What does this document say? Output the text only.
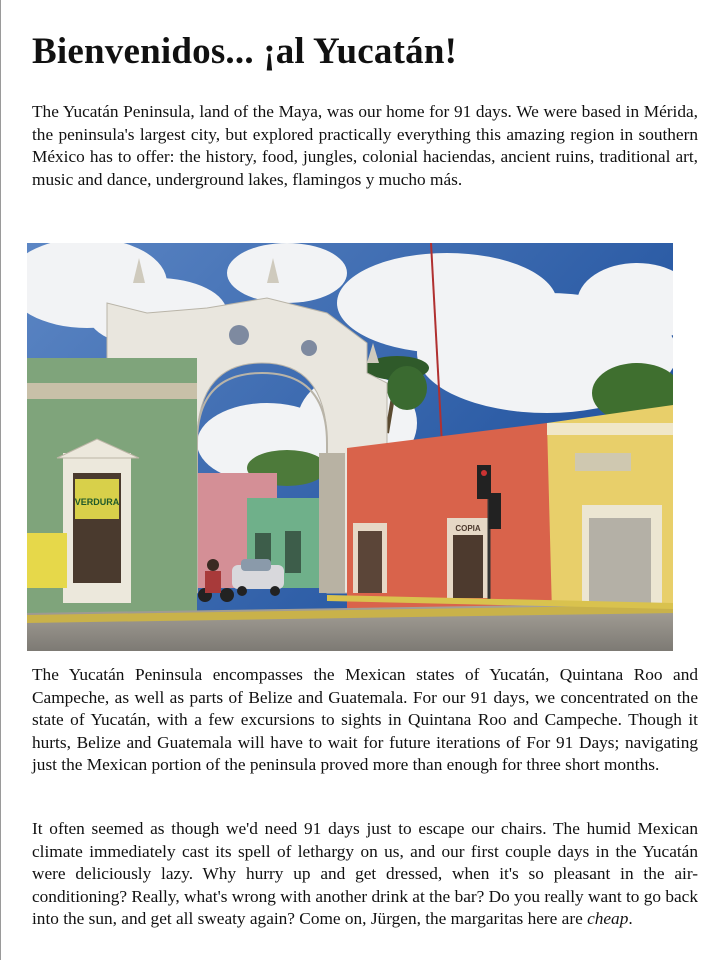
Bienvenidos... ¡al Yucatán!

The Yucatán Peninsula, land of the Maya, was our home for 91 days. We were based in Mérida, the peninsula's largest city, but explored practically everything this amazing region in southern México has to offer: the history, food, jungles, colonial haciendas, ancient ruins, traditional art, music and dance, underground lakes, flamingos y mucho más.

The Yucatán Peninsula encompasses the Mexican states of Yucatán, Quintana Roo and Campeche, as well as parts of Belize and Guatemala. For our 91 days, we concentrated on the state of Yucatán, with a few excursions to sights in Quintana Roo and Campeche. Though it hurts, Belize and Guatemala will have to wait for future iterations of For 91 Days; navigating just the Mexican portion of the peninsula proved more than enough for three short months.

It often seemed as though we'd need 91 days just to escape our chairs. The humid Mexican climate immediately cast its spell of lethargy on us, and our first couple days in the Yucatán were deliciously lazy. Why hurry up and get dressed, when it's so pleasant in the air-conditioning? Really, what's wrong with another drink at the bar? Do you really want to go back into the sun, and get all sweaty again? Come on, Jürgen, the margaritas here are cheap.

VERDURA
COPIA
